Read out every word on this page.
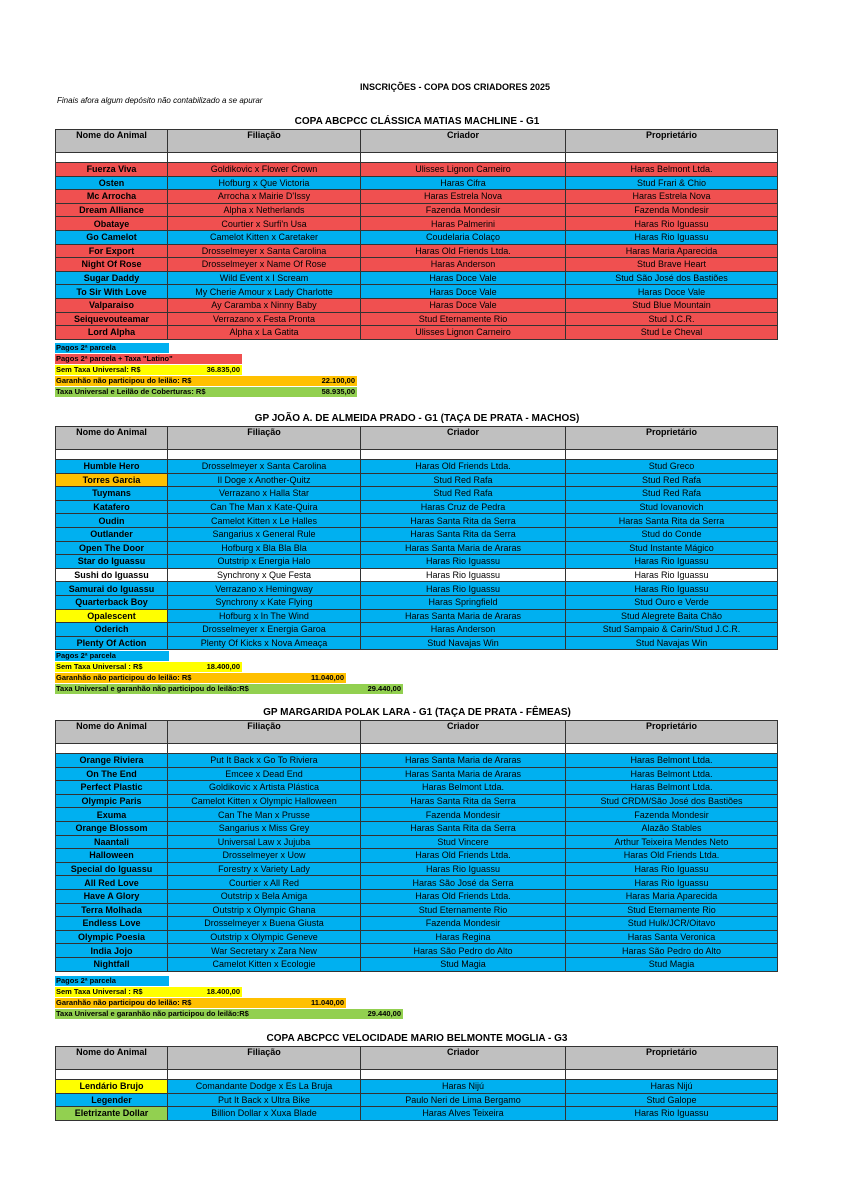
INSCRIÇÕES - COPA DOS CRIADORES 2025
Finais afora algum depósito não contabilizado a se apurar
COPA ABCPCC CLÁSSICA MATIAS MACHLINE - G1
Nome do Animal	Filiação	Criador	Proprietário

Fuerza Viva	Goldikovic x Flower Crown	Ulisses Lignon Carneiro	Haras Belmont Ltda.
Osten	Hofburg x Que Victoria	Haras Cifra	Stud Frari & Chio
Mc Arrocha	Arrocha x Mairie D'Issy	Haras Estrela Nova	Haras Estrela Nova
Dream Alliance	Alpha x Netherlands	Fazenda Mondesir	Fazenda Mondesir
Obataye	Courtier x Surfi'n Usa	Haras Palmerini	Haras Rio Iguassu
Go Camelot	Camelot Kitten x Caretaker	Coudelaria Colaço	Haras Rio Iguassu
For Export	Drosselmeyer x Santa Carolina	Haras Old Friends Ltda.	Haras Maria Aparecida
Night Of Rose	Drosselmeyer x Name Of Rose	Haras Anderson	Stud Brave Heart
Sugar Daddy	Wild Event x I Scream	Haras Doce Vale	Stud São José dos Bastiões
To Sir With Love	My Cherie Amour x Lady Charlotte	Haras Doce Vale	Haras Doce Vale
Valparaiso	Ay Caramba x Ninny Baby	Haras Doce Vale	Stud Blue Mountain
Seiquevouteamar	Verrazano x Festa Pronta	Stud Eternamente Rio	Stud J.C.R.
Lord Alpha	Alpha x La Gatita	Ulisses Lignon Carneiro	Stud Le Cheval
Pagos 2ª parcela
Pagos 2ª parcela + Taxa "Latino"
Sem Taxa Universal: R$	36.835,00
Garanhão não participou do leilão: R$	22.100,00
Taxa Universal e Leilão de Coberturas: R$	58.935,00
GP JOÃO A. DE ALMEIDA PRADO - G1 (TAÇA DE PRATA - MACHOS)
Nome do Animal	Filiação	Criador	Proprietário

Humble Hero	Drosselmeyer x Santa Carolina	Haras Old Friends Ltda.	Stud Greco
Torres Garcia	Il Doge x Another-Quitz	Stud Red Rafa	Stud Red Rafa
Tuymans	Verrazano x Halla Star	Stud Red Rafa	Stud Red Rafa
Katafero	Can The Man x Kate-Quira	Haras Cruz de Pedra	Stud Iovanovich
Oudin	Camelot Kitten x Le Halles	Haras Santa Rita da Serra	Haras Santa Rita da Serra
Outlander	Sangarius x General Rule	Haras Santa Rita da Serra	Stud do Conde
Open The Door	Hofburg x Bla Bla Bla	Haras Santa Maria de Araras	Stud Instante Mágico
Star do Iguassu	Outstrip x Energia Halo	Haras Rio Iguassu	Haras Rio Iguassu
Sushi do Iguassu	Synchrony x Que Festa	Haras Rio Iguassu	Haras Rio Iguassu
Samurai do Iguassu	Verrazano x Hemingway	Haras Rio Iguassu	Haras Rio Iguassu
Quarterback Boy	Synchrony x Kate Flying	Haras Springfield	Stud Ouro e Verde
Opalescent	Hofburg x In The Wind	Haras Santa Maria de Araras	Stud Alegrete Baita Chão
Oderich	Drosselmeyer x Energia Garoa	Haras Anderson	Stud Sampaio & Carin/Stud J.C.R.
Plenty Of Action	Plenty Of Kicks x Nova Ameaça	Stud Navajas Win	Stud Navajas Win
Pagos 2ª parcela
Sem Taxa Universal : R$	18.400,00
Garanhão não participou do leilão: R$	11.040,00
Taxa Universal e garanhão não participou do leilão:R$	29.440,00
GP MARGARIDA POLAK LARA - G1 (TAÇA DE PRATA - FÊMEAS)
Nome do Animal	Filiação	Criador	Proprietário

Orange Riviera	Put It Back x Go To Riviera	Haras Santa Maria de Araras	Haras Belmont Ltda.
On The End	Emcee x Dead End	Haras Santa Maria de Araras	Haras Belmont Ltda.
Perfect Plastic	Goldikovic x Artista Plástica	Haras Belmont Ltda.	Haras Belmont Ltda.
Olympic Paris	Camelot Kitten x Olympic Halloween	Haras Santa Rita da Serra	Stud CRDM/São José dos Bastiões
Exuma	Can The Man x Prusse	Fazenda Mondesir	Fazenda Mondesir
Orange Blossom	Sangarius x Miss Grey	Haras Santa Rita da Serra	Alazão Stables
Naantali	Universal Law x Jujuba	Stud Vincere	Arthur Teixeira Mendes Neto
Halloween	Drosselmeyer x Uow	Haras Old Friends Ltda.	Haras Old Friends Ltda.
Special do Iguassu	Forestry x Variety Lady	Haras Rio Iguassu	Haras Rio Iguassu
All Red Love	Courtier x All Red	Haras São José da Serra	Haras Rio Iguassu
Have A Glory	Outstrip x Bela Amiga	Haras Old Friends Ltda.	Haras Maria Aparecida
Terra Molhada	Outstrip x Olympic Ghana	Stud Eternamente Rio	Stud Eternamente Rio
Endless Love	Drosselmeyer x Buena Giusta	Fazenda Mondesir	Stud Hulk/JCR/Oitavo
Olympic Poesia	Outstrip x Olympic Geneve	Haras Regina	Haras Santa Veronica
India Jojo	War Secretary x Zara New	Haras São Pedro do Alto	Haras São Pedro do Alto
Nightfall	Camelot Kitten x Ecologie	Stud Magia	Stud Magia
Pagos 2ª parcela
Sem Taxa Universal : R$	18.400,00
Garanhão não participou do leilão: R$	11.040,00
Taxa Universal e garanhão não participou do leilão:R$	29.440,00
COPA ABCPCC VELOCIDADE MARIO BELMONTE MOGLIA - G3
Nome do Animal	Filiação	Criador	Proprietário

Lendário Brujo	Comandante Dodge x Es La Bruja	Haras Nijú	Haras Nijú
Legender	Put It Back x Ultra Bike	Paulo Neri de Lima Bergamo	Stud Galope
Eletrizante Dollar	Billion Dollar x Xuxa Blade	Haras Alves Teixeira	Haras Rio Iguassu
